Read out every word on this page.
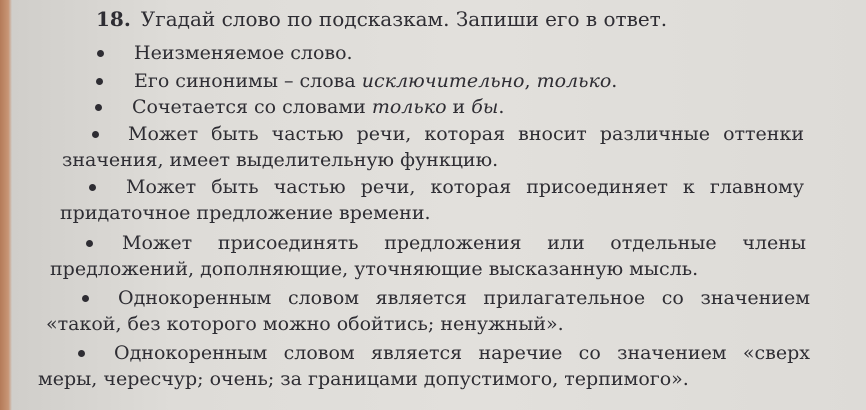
18. Угадай слово по подсказкам. Запиши его в ответ.
Неизменяемое слово.
Его синонимы – слова исключительно, только.
Сочетается со словами только и бы.
Может быть частью речи, которая вносит различные оттенки
значения, имеет выделительную функцию.
Может быть частью речи, которая присоединяет к главному
придаточное предложение времени.
Может присоединять предложения или отдельные члены
предложений, дополняющие, уточняющие высказанную мысль.
Однокоренным словом является прилагательное со значением
«такой, без которого можно обойтись; ненужный».
Однокоренным словом является наречие со значением «сверх
меры, чересчур; очень; за границами допустимого, терпимого».
